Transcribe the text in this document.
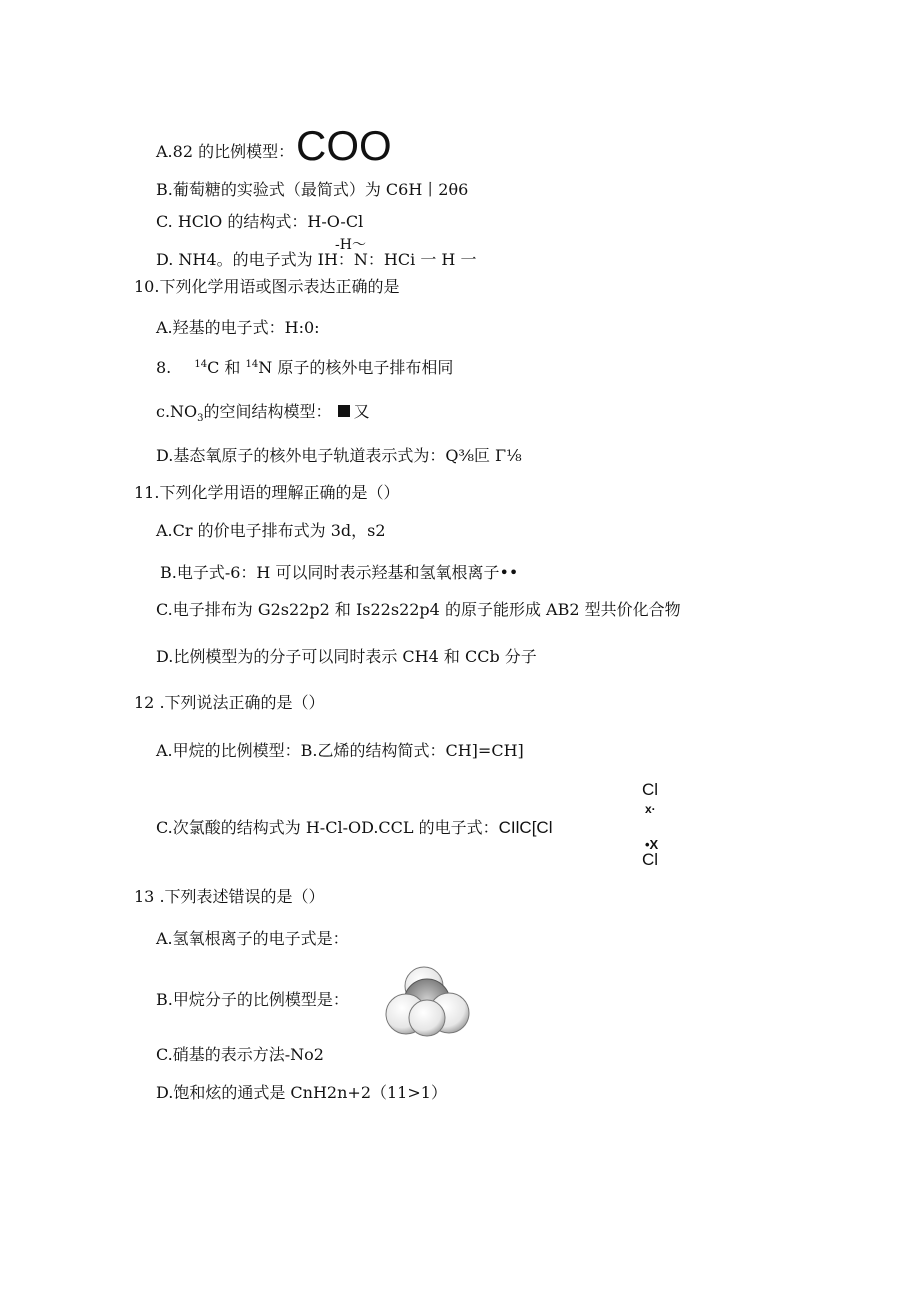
A.82 的比例模型： COO
B.葡萄糖的实验式（最简式）为 C6H丨2θ6
C. HClO 的结构式：H-O-Cl
-H～
D. NH4。的电子式为 IH：N：HCi 一 H 一
10.下列化学用语或图示表达正确的是
A.羟基的电子式：H:0:
8. $^{14}$C 和 $^{14}$N 原子的核外电子排布相同
$c.NO_3$的空间结构模型： 又
D.基态氧原子的核外电子轨道表示式为：Q⅜叵 Γ⅛
11.下列化学用语的理解正确的是（）
A.Cr 的价电子排布式为 3d，s2
B.电子式-6：H 可以同时表示羟基和氢氧根离子••
C.电子排布为 G2s22p2 和 Is22s22p4 的原子能形成 AB2 型共价化合物
D.比例模型为的分子可以同时表示 CH4 和 CCb 分子
12 .下列说法正确的是（）
A.甲烷的比例模型：B.乙烯的结构简式：CH]=CH]
Cl
x·
C.次氯酸的结构式为 H-Cl-OD.CCL 的电子式：CIlC[Cl
•X
Cl
13 .下列表述错误的是（）
A.氢氧根离子的电子式是：
B.甲烷分子的比例模型是：
C.硝基的表示方法-No2
D.饱和炫的通式是 CnH2n+2（11>1）
